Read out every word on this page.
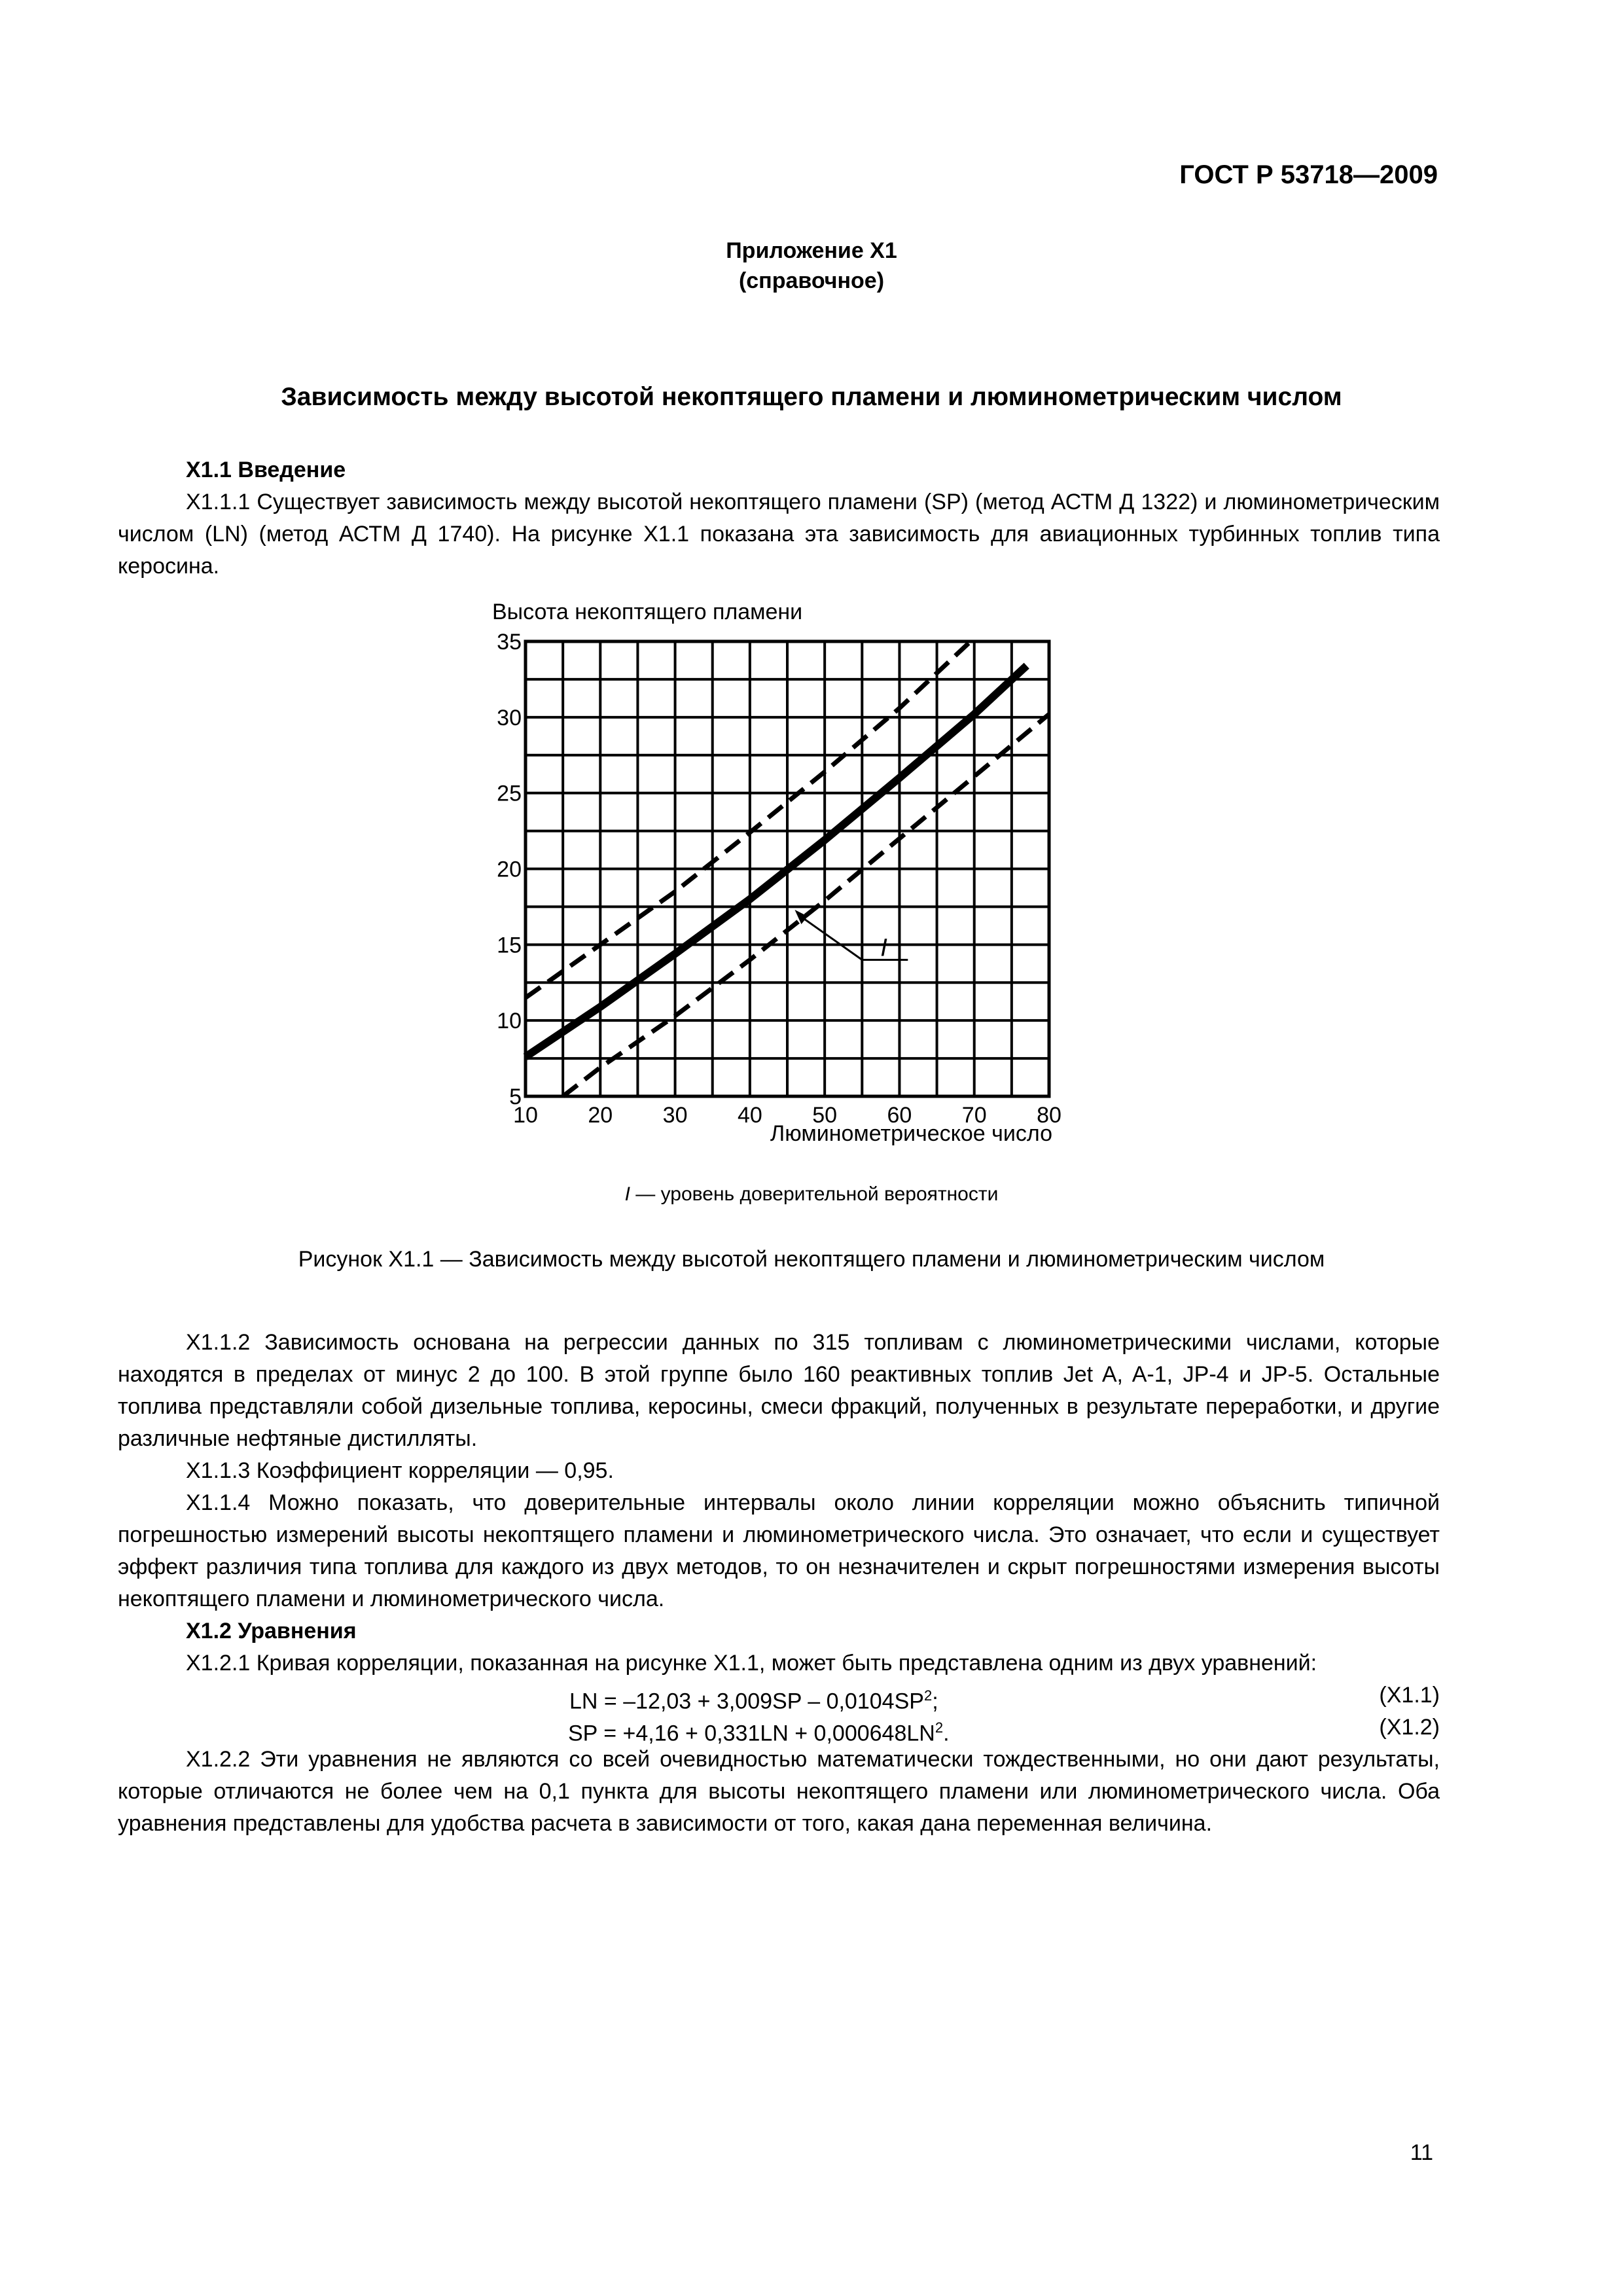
ГОСТ Р 53718—2009
Приложение Х1
(справочное)
Зависимость между высотой некоптящего пламени и люминометрическим числом

Х1.1 Введение

Х1.1.1 Существует зависимость между высотой некоптящего пламени (SP) (метод АСТМ Д 1322) и люминометрическим числом (LN) (метод АСТМ Д 1740). На рисунке Х1.1 показана эта зависимость для авиационных турбинных топлив типа керосина.

Высота некоптящего пламени
10 20 30 40 50 60 70 80
5
10
15
20
25
30
35
I
Люминометрическое число
I — уровень доверительной вероятности
Рисунок Х1.1 — Зависимость между высотой некоптящего пламени и люминометрическим числом

Х1.1.2 Зависимость основана на регрессии данных по 315 топливам с люминометрическими числами, которые находятся в пределах от минус 2 до 100. В этой группе было 160 реактивных топлив Jet A, A-1, JP-4 и JP-5. Остальные топлива представляли собой дизельные топлива, керосины, смеси фракций, полученных в результате переработки, и другие различные нефтяные дистилляты.

Х1.1.3 Коэффициент корреляции — 0,95.

Х1.1.4 Можно показать, что доверительные интервалы около линии корреляции можно объяснить типичной погрешностью измерений высоты некоптящего пламени и люминометрического числа. Это означает, что если и существует эффект различия типа топлива для каждого из двух методов, то он незначителен и скрыт погрешностями измерения высоты некоптящего пламени и люминометрического числа.

Х1.2 Уравнения

Х1.2.1 Кривая корреляции, показанная на рисунке Х1.1, может быть представлена одним из двух уравнений:

LN = $-12,03 + 3,009SP - 0,0104SP^2$;	(Х1.1)
SP = $+4,16 + 0,331LN + 0,000648LN^2$.	(Х1.2)

Х1.2.2 Эти уравнения не являются со всей очевидностью математически тождественными, но они дают результаты, которые отличаются не более чем на 0,1 пункта для высоты некоптящего пламени или люминометрического числа. Оба уравнения представлены для удобства расчета в зависимости от того, какая дана переменная величина.

11
